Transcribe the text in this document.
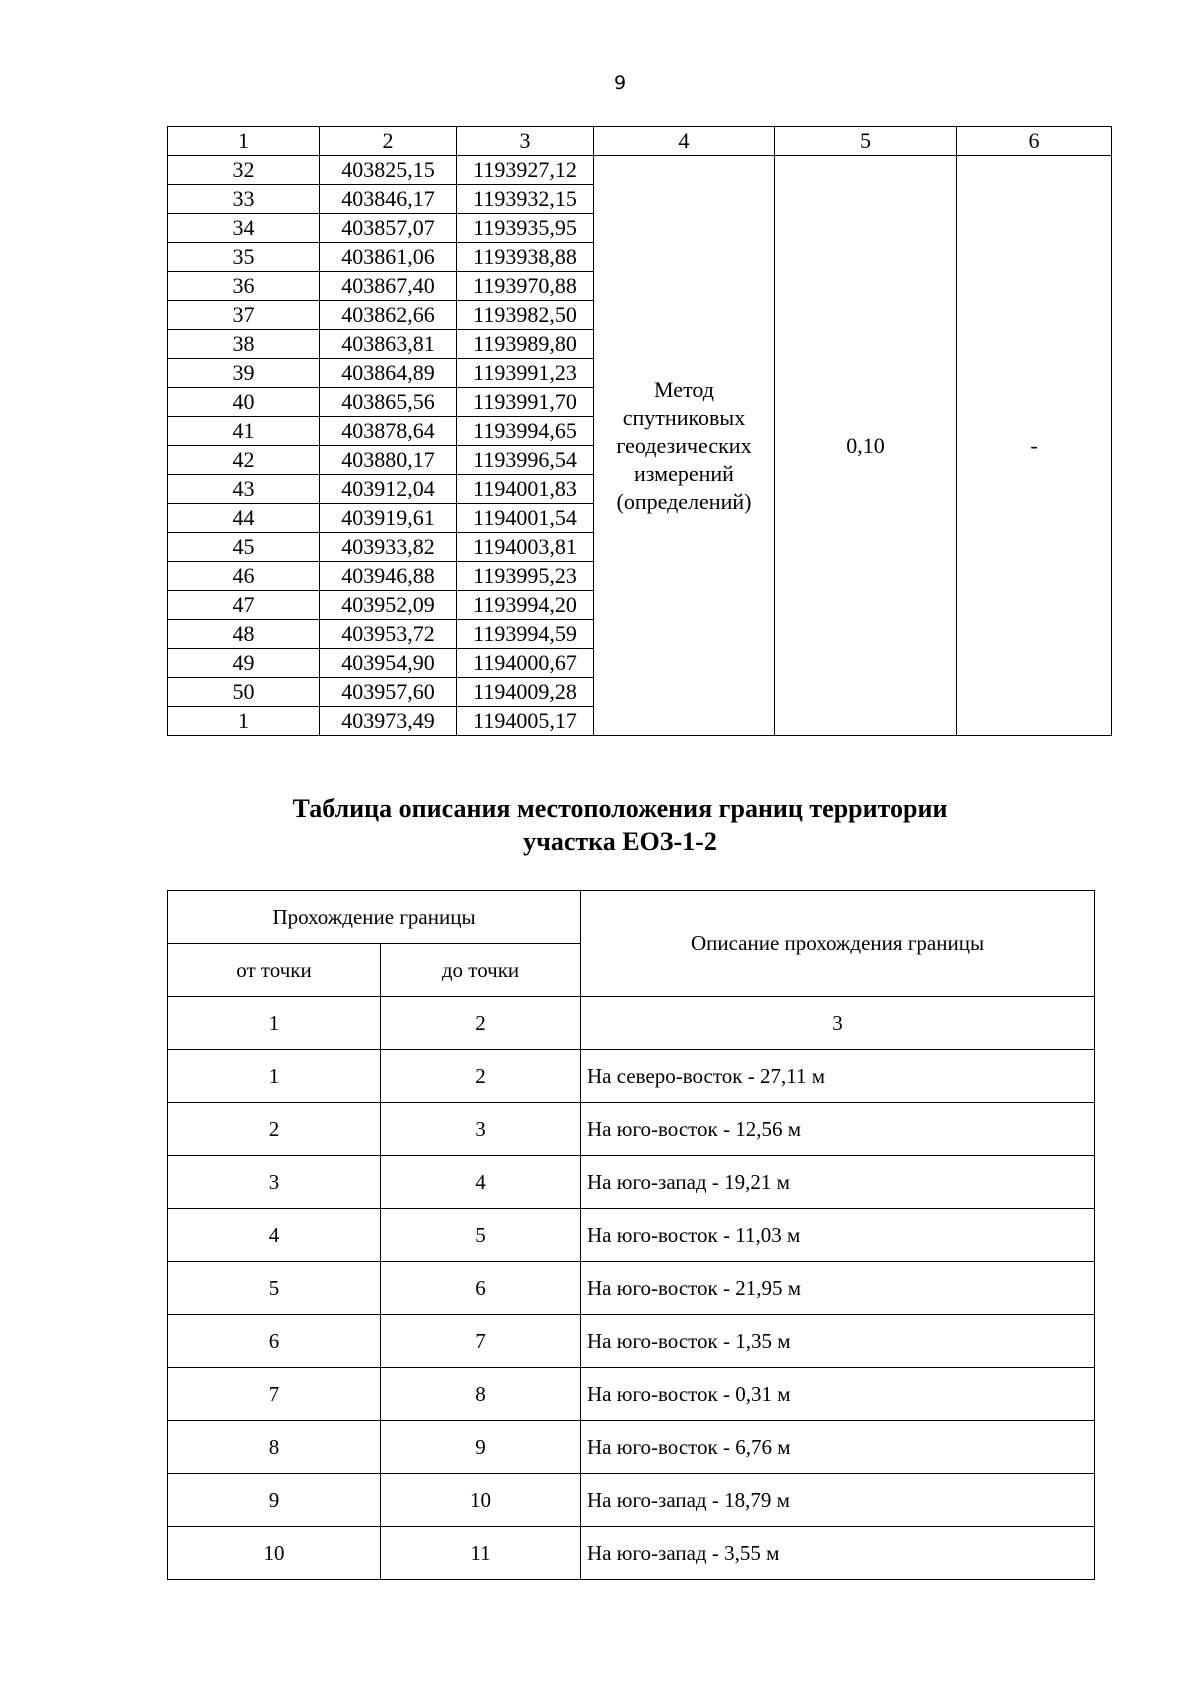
9
1	2	3	4	5	6
32	403825,15	1193927,12	Метод
спутниковых
геодезических
измерений
(определений)	0,10	-
33	403846,17	1193932,15			
34	403857,07	1193935,95			
35	403861,06	1193938,88			
36	403867,40	1193970,88			
37	403862,66	1193982,50			
38	403863,81	1193989,80			
39	403864,89	1193991,23			
40	403865,56	1193991,70			
41	403878,64	1193994,65			
42	403880,17	1193996,54			
43	403912,04	1194001,83			
44	403919,61	1194001,54			
45	403933,82	1194003,81			
46	403946,88	1193995,23			
47	403952,09	1193994,20			
48	403953,72	1193994,59			
49	403954,90	1194000,67			
50	403957,60	1194009,28			
1	403973,49	1194005,17			
Таблица описания местоположения границ территории
участка ЕОЗ-1-2
Прохождение границы		Описание прохождения границы
от точки	до точки	
1	2	3
1	2	На северо-восток - 27,11 м
2	3	На юго-восток - 12,56 м
3	4	На юго-запад - 19,21 м
4	5	На юго-восток - 11,03 м
5	6	На юго-восток - 21,95 м
6	7	На юго-восток - 1,35 м
7	8	На юго-восток - 0,31 м
8	9	На юго-восток - 6,76 м
9	10	На юго-запад - 18,79 м
10	11	На юго-запад - 3,55 м
